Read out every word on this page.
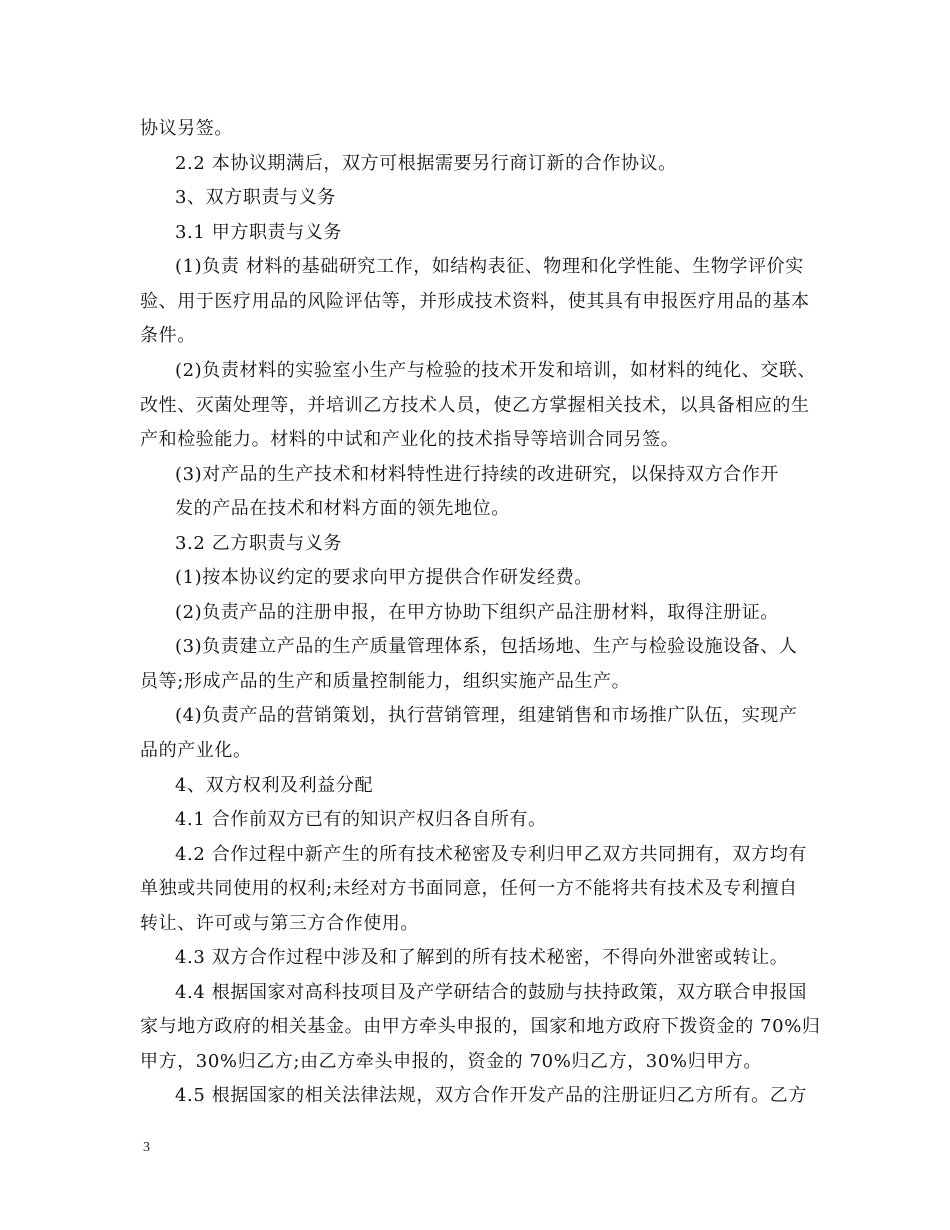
协议另签。
2.2 本协议期满后，双方可根据需要另行商订新的合作协议。
3、双方职责与义务
3.1 甲方职责与义务
(1)负责 材料的基础研究工作，如结构表征、物理和化学性能、生物学评价实
验、用于医疗用品的风险评估等，并形成技术资料，使其具有申报医疗用品的基本
条件。
(2)负责材料的实验室小生产与检验的技术开发和培训，如材料的纯化、交联、
改性、灭菌处理等，并培训乙方技术人员，使乙方掌握相关技术，以具备相应的生
产和检验能力。材料的中试和产业化的技术指导等培训合同另签。
(3)对产品的生产技术和材料特性进行持续的改进研究，以保持双方合作开
发的产品在技术和材料方面的领先地位。
3.2 乙方职责与义务
(1)按本协议约定的要求向甲方提供合作研发经费。
(2)负责产品的注册申报，在甲方协助下组织产品注册材料，取得注册证。
(3)负责建立产品的生产质量管理体系，包括场地、生产与检验设施设备、人
员等;形成产品的生产和质量控制能力，组织实施产品生产。
(4)负责产品的营销策划，执行营销管理，组建销售和市场推广队伍，实现产
品的产业化。
4、双方权利及利益分配
4.1 合作前双方已有的知识产权归各自所有。
4.2 合作过程中新产生的所有技术秘密及专利归甲乙双方共同拥有，双方均有
单独或共同使用的权利;未经对方书面同意，任何一方不能将共有技术及专利擅自
转让、许可或与第三方合作使用。
4.3 双方合作过程中涉及和了解到的所有技术秘密，不得向外泄密或转让。
4.4 根据国家对高科技项目及产学研结合的鼓励与扶持政策，双方联合申报国
家与地方政府的相关基金。由甲方牵头申报的，国家和地方政府下拨资金的 70%归
甲方，30%归乙方;由乙方牵头申报的，资金的 70%归乙方，30%归甲方。
4.5 根据国家的相关法律法规，双方合作开发产品的注册证归乙方所有。乙方
3
